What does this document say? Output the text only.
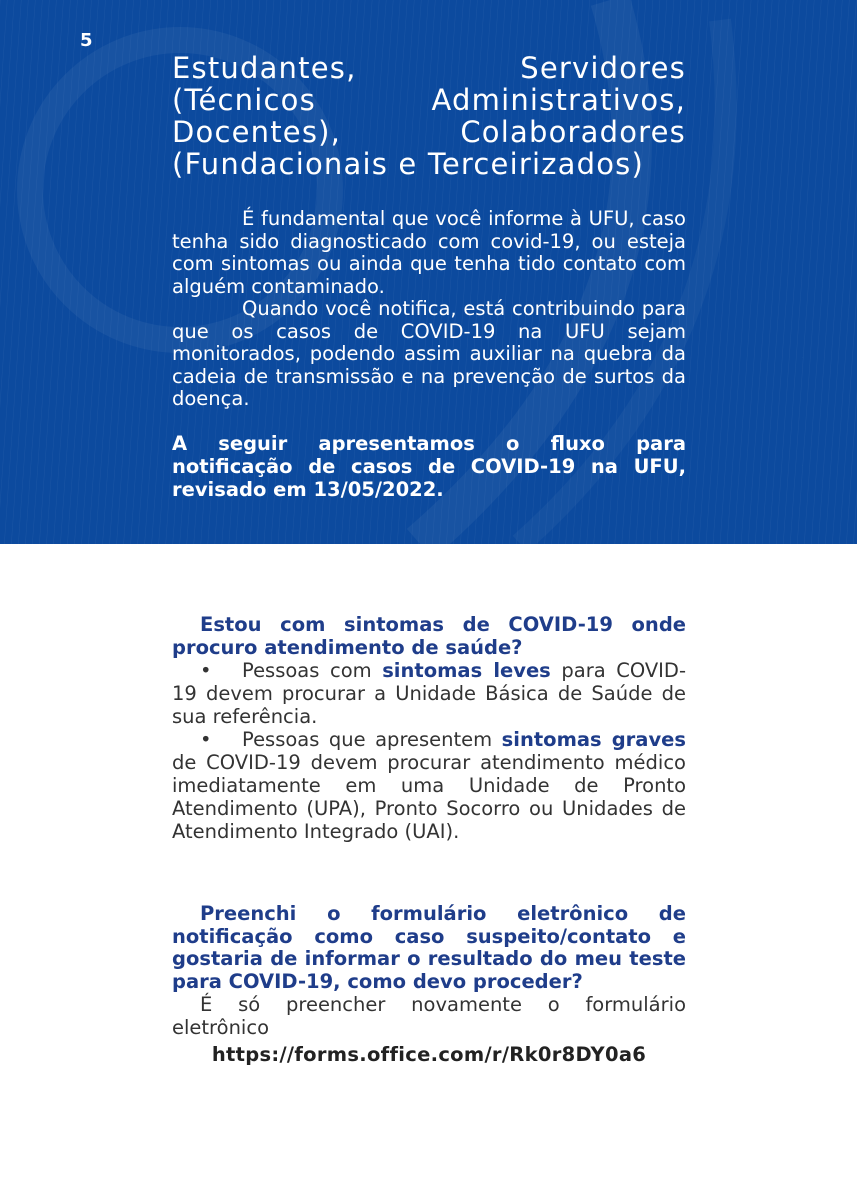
5
Estudantes, Servidores (Técnicos Administrativos, Docentes), Colaboradores (Fundacionais e Terceirizados)

É fundamental que você informe à UFU, caso tenha sido diagnosticado com covid-19, ou esteja com sintomas ou ainda que tenha tido contato com alguém contaminado.

Quando você notifica, está contribuindo para que os casos de COVID-19 na UFU sejam monitorados, podendo assim auxiliar na quebra da cadeia de transmissão e na prevenção de surtos da doença.

A seguir apresentamos o fluxo para notificação de casos de COVID-19 na UFU, revisado em 13/05/2022.

Estou com sintomas de COVID-19 onde procuro atendimento de saúde?

• Pessoas com sintomas leves para COVID-19 devem procurar a Unidade Básica de Saúde de sua referência.

• Pessoas que apresentem sintomas graves de COVID-19 devem procurar atendimento médico imediatamente em uma Unidade de Pronto Atendimento (UPA), Pronto Socorro ou Unidades de Atendimento Integrado (UAI).

Preenchi o formulário eletrônico de notificação como caso suspeito/contato e gostaria de informar o resultado do meu teste para COVID-19, como devo proceder?

É só preencher novamente o formulário eletrônico

https://forms.office.com/r/Rk0r8DY0a6
